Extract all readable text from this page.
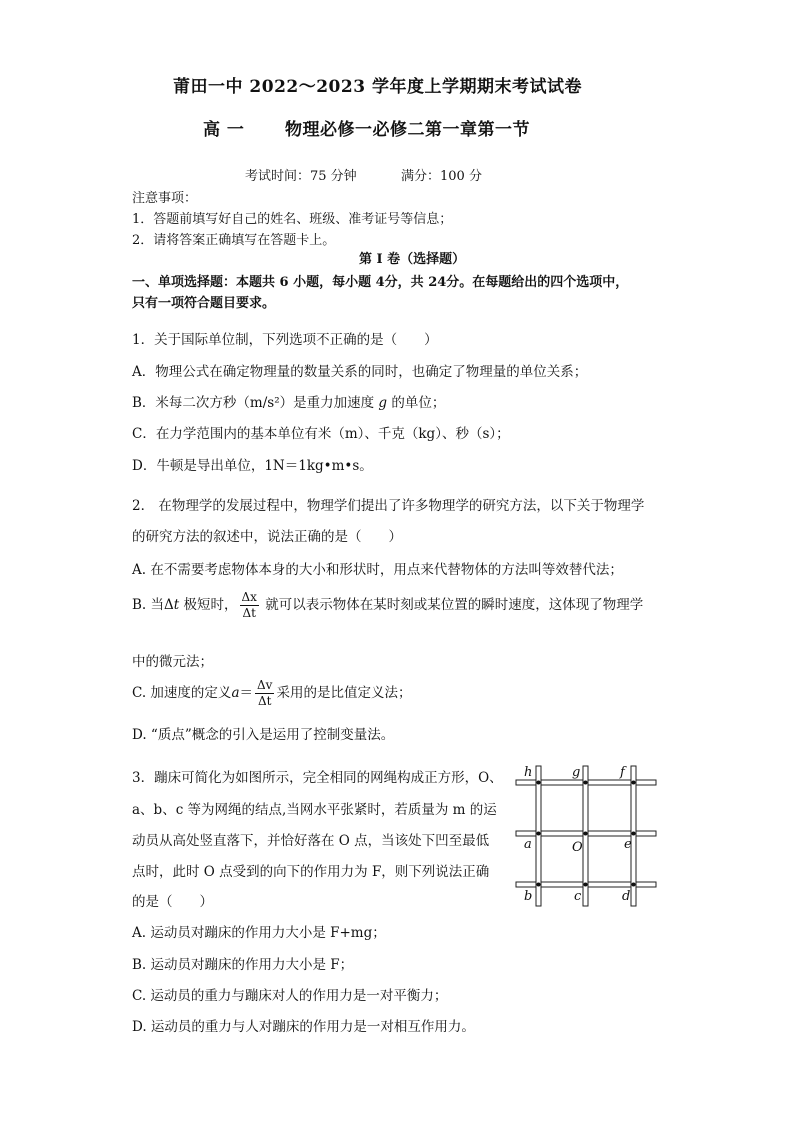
莆田一中 2022～2023 学年度上学期期末考试试卷
高 一 物理必修一必修二第一章第一节
考试时间：75 分钟	满分：100 分
注意事项：
1．答题前填写好自己的姓名、班级、准考证号等信息；
2．请将答案正确填写在答题卡上。
第 I 卷（选择题）
一、单项选择题：本题共 6 小题，每小题 4分，共 24分。在每题给出的四个选项中，
只有一项符合题目要求。
1．关于国际单位制，下列选项不正确的是（　　）
A．物理公式在确定物理量的数量关系的同时，也确定了物理量的单位关系；
B．米每二次方秒（m/s²）是重力加速度 g 的单位；
C．在力学范围内的基本单位有米（m）、千克（kg）、秒（s）；
D．牛顿是导出单位，1N＝1kg•m•s。
2． 在物理学的发展过程中，物理学们提出了许多物理学的研究方法，以下关于物理学
的研究方法的叙述中，说法正确的是（　　）
A. 在不需要考虑物体本身的大小和形状时，用点来代替物体的方法叫等效替代法；
B. 当Δt 极短时， $\frac{\Delta x}{\Delta t}$ 就可以表示物体在某时刻或某位置的瞬时速度，这体现了物理学
中的微元法；
C. 加速度的定义$a= \frac{\Delta v}{\Delta t}$ 采用的是比值定义法；
D. “质点”概念的引入是运用了控制变量法。
3．蹦床可简化为如图所示，完全相同的网绳构成正方形，O、
a、b、c 等为网绳的结点,当网水平张紧时，若质量为 m 的运
动员从高处竖直落下，并恰好落在 O 点，当该处下凹至最低
点时，此时 O 点受到的向下的作用力为 F，则下列说法正确
的是（　　）
A. 运动员对蹦床的作用力大小是 F+mg；
B. 运动员对蹦床的作用力大小是 F；
C. 运动员的重力与蹦床对人的作用力是一对平衡力；
D. 运动员的重力与人对蹦床的作用力是一对相互作用力。
h	g	f
a	O	e
b	c	d
